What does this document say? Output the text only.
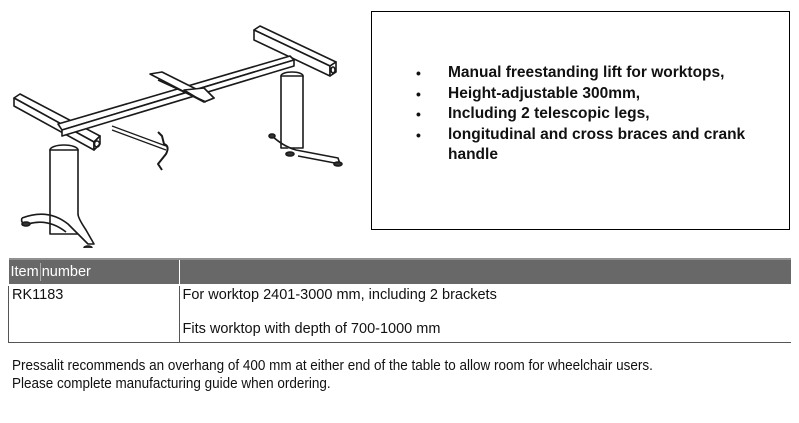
• Manual freestanding lift for worktops,
• Height-adjustable 300mm,
• Including 2 telescopic legs,
• longitudinal and cross braces and crank handle
Item number	
RK1183	For worktop 2401-3000 mm, including 2 brackets
Fits worktop with depth of 700-1000 mm
Pressalit recommends an overhang of 400 mm at either end of the table to allow room for wheelchair users.
Please complete manufacturing guide when ordering.
